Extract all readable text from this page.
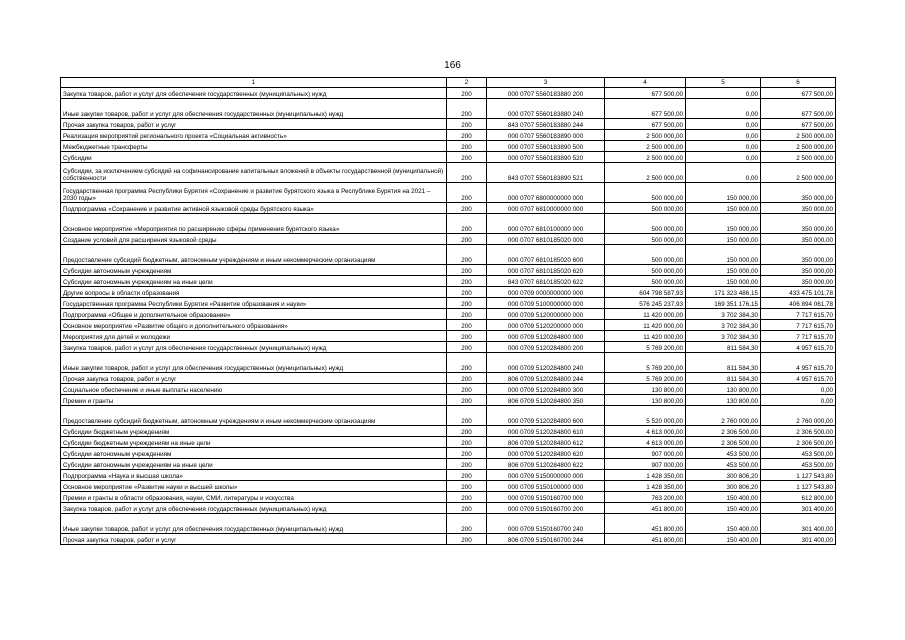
166
1	2	3	4	5	6
Закупка товаров, работ и услуг для обеспечения государственных (муниципальных) нужд	200	000 0707 5560183880 200	677 500,00	0,00	677 500,00
Иные закупки товаров, работ и услуг для обеспечения государственных (муниципальных) нужд	200	000 0707 5560183880 240	677 500,00	0,00	677 500,00
Прочая закупка товаров, работ и услуг	200	843 0707 5560183880 244	677 500,00	0,00	677 500,00
Реализация мероприятий регионального проекта «Социальная активность»	200	000 0707 5560183890 000	2 500 000,00	0,00	2 500 000,00
Межбюджетные трансферты	200	000 0707 5560183890 500	2 500 000,00	0,00	2 500 000,00
Субсидии	200	000 0707 5560183890 520	2 500 000,00	0,00	2 500 000,00
Субсидии, за исключением субсидий на софинансирование капитальных вложений в объекты государственной (муниципальной) собственности	200	843 0707 5560183890 521	2 500 000,00	0,00	2 500 000,00
Государственная программа Республики Бурятия «Сохранение и развитие бурятского языка в Республике Бурятия на 2021 – 2030 годы»	200	000 0707 6800000000 000	500 000,00	150 000,00	350 000,00
Подпрограмма «Сохранение и развитие активной языковой среды бурятского языка»	200	000 0707 6810000000 000	500 000,00	150 000,00	350 000,00
Основное мероприятие «Мероприятия по расширению сферы применения бурятского языка»	200	000 0707 6810100000 000	500 000,00	150 000,00	350 000,00
Создание условий для расширения языковой среды	200	000 0707 6810185020 000	500 000,00	150 000,00	350 000,00
Предоставление субсидий бюджетным, автономным учреждениям и иным некоммерческим организациям	200	000 0707 6810185020 600	500 000,00	150 000,00	350 000,00
Субсидии автономным учреждениям	200	000 0707 6810185020 620	500 000,00	150 000,00	350 000,00
Субсидии автономным учреждениям на иные цели	200	843 0707 6810185020 622	500 000,00	150 000,00	350 000,00
Другие вопросы в области образования	200	000 0709 0000000000 000	604 798 587,93	171 323 486,15	433 475 101,78
Государственная программа Республики Бурятия «Развитие образования и науки»	200	000 0709 5100000000 000	576 245 237,93	169 351 176,15	406 894 061,78
Подпрограмма «Общее и дополнительное образование»	200	000 0709 5120000000 000	11 420 000,00	3 702 384,30	7 717 615,70
Основное мероприятие «Развитие общего и дополнительного образования»	200	000 0709 5120200000 000	11 420 000,00	3 702 384,30	7 717 615,70
Мероприятия для детей и молодежи	200	000 0709 5120284800 000	11 420 000,00	3 702 384,30	7 717 615,70
Закупка товаров, работ и услуг для обеспечения государственных (муниципальных) нужд	200	000 0709 5120284800 200	5 769 200,00	811 584,30	4 957 615,70
Иные закупки товаров, работ и услуг для обеспечения государственных (муниципальных) нужд	200	000 0709 5120284800 240	5 769 200,00	811 584,30	4 957 615,70
Прочая закупка товаров, работ и услуг	200	806 0709 5120284800 244	5 769 200,00	811 584,30	4 957 615,70
Социальное обеспечение и иные выплаты населению	200	000 0709 5120284800 300	130 800,00	130 800,00	0,00
Премии и гранты	200	806 0709 5120284800 350	130 800,00	130 800,00	0,00
Предоставление субсидий бюджетным, автономным учреждениям и иным некоммерческим организациям	200	000 0709 5120284800 600	5 520 000,00	2 760 000,00	2 760 000,00
Субсидии бюджетным учреждениям	200	000 0709 5120284800 610	4 613 000,00	2 306 500,00	2 306 500,00
Субсидии бюджетным учреждениям на иные цели	200	806 0709 5120284800 612	4 613 000,00	2 306 500,00	2 306 500,00
Субсидии автономным учреждениям	200	000 0709 5120284800 620	907 000,00	453 500,00	453 500,00
Субсидии автономным учреждениям на иные цели	200	806 0709 5120284800 622	907 000,00	453 500,00	453 500,00
Подпрограмма «Наука и высшая школа»	200	000 0709 5150000000 000	1 428 350,00	300 806,20	1 127 543,80
Основное мероприятие «Развитие науки и высшей школы»	200	000 0709 5150100000 000	1 428 350,00	300 806,20	1 127 543,80
Премии и гранты в области образования, науки, СМИ, литературы и искусства	200	000 0709 5150160700 000	763 200,00	150 400,00	612 800,00
Закупка товаров, работ и услуг для обеспечения государственных (муниципальных) нужд	200	000 0709 5150160700 200	451 800,00	150 400,00	301 400,00
Иные закупки товаров, работ и услуг для обеспечения государственных (муниципальных) нужд	200	000 0709 5150160700 240	451 800,00	150 400,00	301 400,00
Прочая закупка товаров, работ и услуг	200	806 0709 5150160700 244	451 800,00	150 400,00	301 400,00
